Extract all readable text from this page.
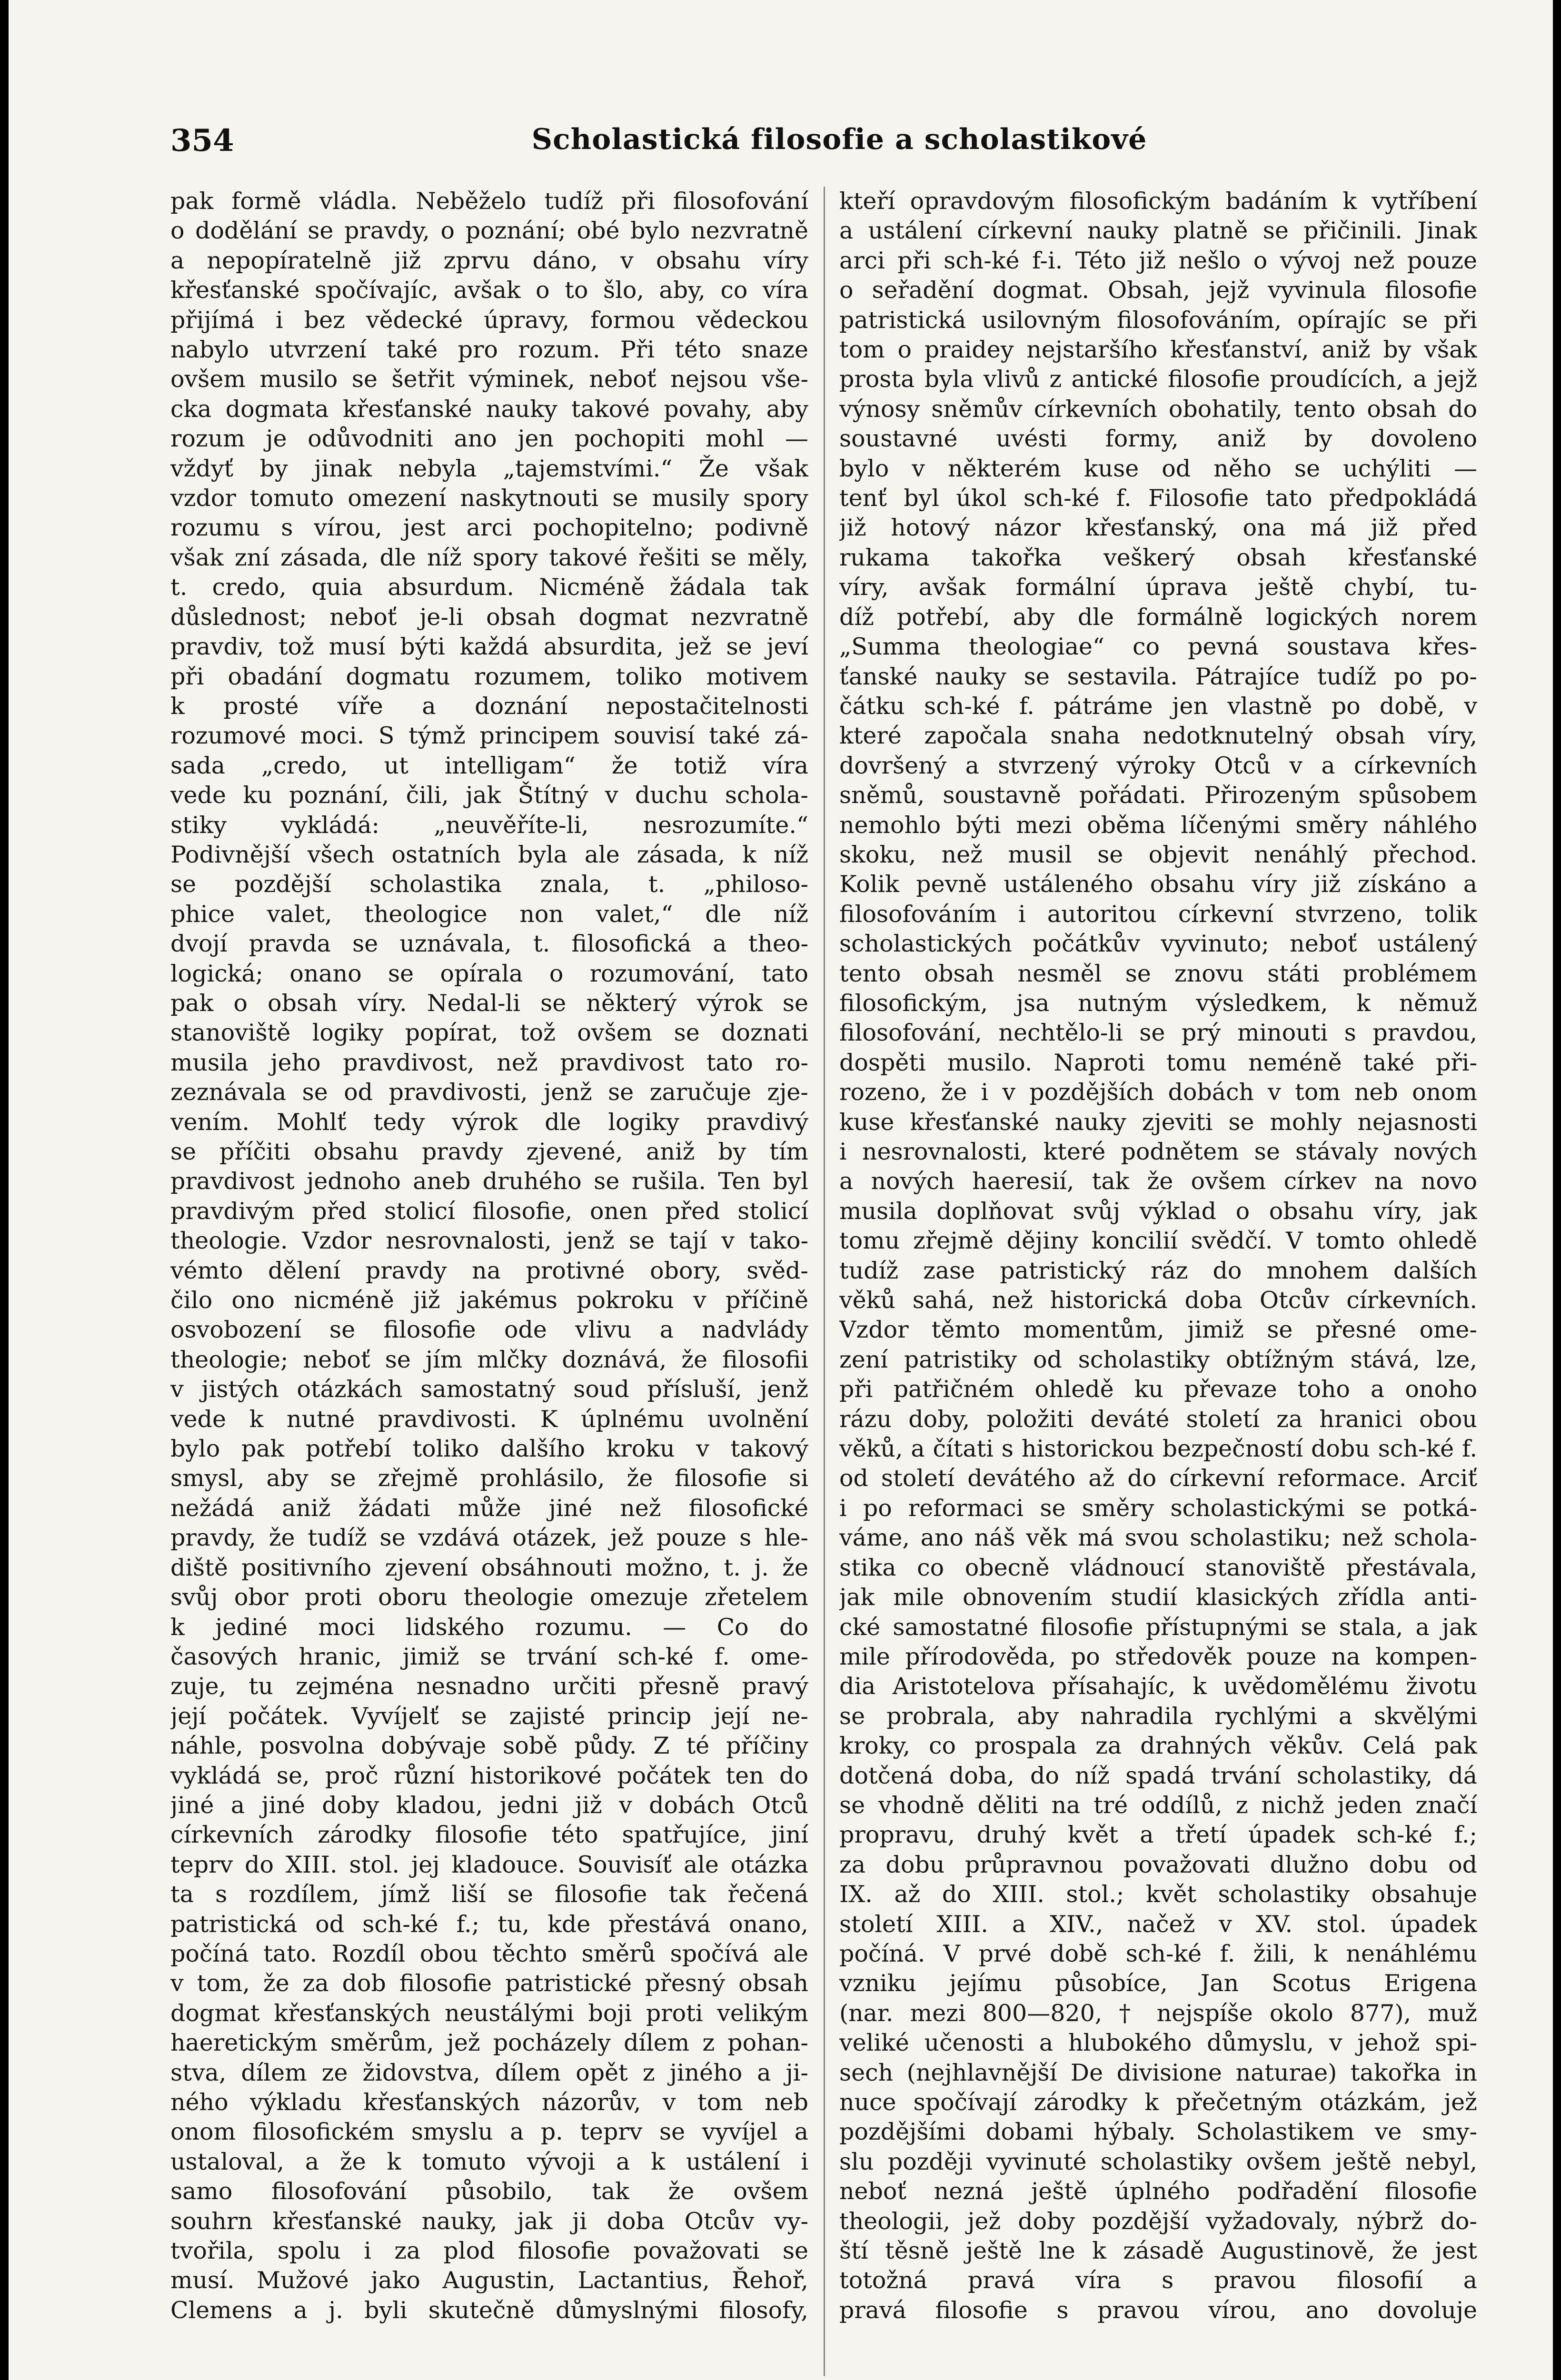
354	Scholastická filosofie a scholastikové
pak formě vládla. Neběželo tudíž při filosofování
o dodělání se pravdy, o poznání; obé bylo nezvratně
a nepopíratelně již zprvu dáno, v obsahu víry
křesťanské spočívajíc, avšak o to šlo, aby, co víra
přijímá i bez vědecké úpravy, formou vědeckou
nabylo utvrzení také pro rozum. Při této snaze
ovšem musilo se šetřit výminek, neboť nejsou vše-
cka dogmata křesťanské nauky takové povahy, aby
rozum je odůvodniti ano jen pochopiti mohl —
vždyť by jinak nebyla „tajemstvími.“ Že však
vzdor tomuto omezení naskytnouti se musily spory
rozumu s vírou, jest arci pochopitelno; podivně
však zní zásada, dle níž spory takové řešiti se měly,
t. credo, quia absurdum. Nicméně žádala tak
důslednost; neboť je-li obsah dogmat nezvratně
pravdiv, tož musí býti každá absurdita, jež se jeví
při obadání dogmatu rozumem, toliko motivem
k prosté víře a doznání nepostačitelnosti
rozumové moci. S týmž principem souvisí také zá-
sada „credo, ut intelligam“ že totiž víra
vede ku poznání, čili, jak Štítný v duchu schola-
stiky vykládá: „neuvěříte-li, nesrozumíte.“
Podivnější všech ostatních byla ale zásada, k níž
se pozdější scholastika znala, t. „philoso-
phice valet, theologice non valet,“ dle níž
dvojí pravda se uznávala, t. filosofická a theo-
logická; onano se opírala o rozumování, tato
pak o obsah víry. Nedal-li se některý výrok se
stanoviště logiky popírat, tož ovšem se doznati
musila jeho pravdivost, než pravdivost tato ro-
zeznávala se od pravdivosti, jenž se zaručuje zje-
vením. Mohlť tedy výrok dle logiky pravdivý
se příčiti obsahu pravdy zjevené, aniž by tím
pravdivost jednoho aneb druhého se rušila. Ten byl
pravdivým před stolicí filosofie, onen před stolicí
theologie. Vzdor nesrovnalosti, jenž se tají v tako-
vémto dělení pravdy na protivné obory, svěd-
čilo ono nicméně již jakémus pokroku v příčině
osvobození se filosofie ode vlivu a nadvlády
theologie; neboť se jím mlčky doznává, že filosofii
v jistých otázkách samostatný soud přísluší, jenž
vede k nutné pravdivosti. K úplnému uvolnění
bylo pak potřebí toliko dalšího kroku v takový
smysl, aby se zřejmě prohlásilo, že filosofie si
nežádá aniž žádati může jiné než filosofické
pravdy, že tudíž se vzdává otázek, jež pouze s hle-
diště positivního zjevení obsáhnouti možno, t. j. že
svůj obor proti oboru theologie omezuje zřetelem
k jediné moci lidského rozumu. — Co do
časových hranic, jimiž se trvání sch-ké f. ome-
zuje, tu zejména nesnadno určiti přesně pravý
její počátek. Vyvíjelť se zajisté princip její ne-
náhle, posvolna dobývaje sobě půdy. Z té příčiny
vykládá se, proč různí historikové počátek ten do
jiné a jiné doby kladou, jedni již v dobách Otců
církevních zárodky filosofie této spatřujíce, jiní
teprv do XIII. stol. jej kladouce. Souvisíť ale otázka
ta s rozdílem, jímž liší se filosofie tak řečená
patristická od sch-ké f.; tu, kde přestává onano,
počíná tato. Rozdíl obou těchto směrů spočívá ale
v tom, že za dob filosofie patristické přesný obsah
dogmat křesťanských neustálými boji proti velikým
haeretickým směrům, jež pocházely dílem z pohan-
stva, dílem ze židovstva, dílem opět z jiného a ji-
ného výkladu křesťanských názorův, v tom neb
onom filosofickém smyslu a p. teprv se vyvíjel a
ustaloval, a že k tomuto vývoji a k ustálení i
samo filosofování působilo, tak že ovšem
souhrn křesťanské nauky, jak ji doba Otcův vy-
tvořila, spolu i za plod filosofie považovati se
musí. Mužové jako Augustin, Lactantius, Řehoř,
Clemens a j. byli skutečně důmyslnými filosofy,
kteří opravdovým filosofickým badáním k vytříbení
a ustálení církevní nauky platně se přičinili. Jinak
arci při sch-ké f-i. Této již nešlo o vývoj než pouze
o seřadění dogmat. Obsah, jejž vyvinula filosofie
patristická usilovným filosofováním, opírajíc se při
tom o praidey nejstaršího křesťanství, aniž by však
prosta byla vlivů z antické filosofie proudících, a jejž
výnosy sněmův církevních obohatily, tento obsah do
soustavné uvésti formy, aniž by dovoleno
bylo v některém kuse od něho se uchýliti —
tenť byl úkol sch-ké f. Filosofie tato předpokládá
již hotový názor křesťanský, ona má již před
rukama takořka veškerý obsah křesťanské
víry, avšak formální úprava ještě chybí, tu-
díž potřebí, aby dle formálně logických norem
„Summa theologiae“ co pevná soustava křes-
ťanské nauky se sestavila. Pátrajíce tudíž po po-
čátku sch-ké f. pátráme jen vlastně po době, v
které započala snaha nedotknutelný obsah víry,
dovršený a stvrzený výroky Otců v a církevních
sněmů, soustavně pořádati. Přirozeným spůsobem
nemohlo býti mezi oběma líčenými směry náhlého
skoku, než musil se objevit nenáhlý přechod.
Kolik pevně ustáleného obsahu víry již získáno a
filosofováním i autoritou církevní stvrzeno, tolik
scholastických počátkův vyvinuto; neboť ustálený
tento obsah nesměl se znovu státi problémem
filosofickým, jsa nutným výsledkem, k němuž
filosofování, nechtělo-li se prý minouti s pravdou,
dospěti musilo. Naproti tomu neméně také při-
rozeno, že i v pozdějších dobách v tom neb onom
kuse křesťanské nauky zjeviti se mohly nejasnosti
i nesrovnalosti, které podnětem se stávaly nových
a nových haeresií, tak že ovšem církev na novo
musila doplňovat svůj výklad o obsahu víry, jak
tomu zřejmě dějiny koncilií svědčí. V tomto ohledě
tudíž zase patristický ráz do mnohem dalších
věků sahá, než historická doba Otcův církevních.
Vzdor těmto momentům, jimiž se přesné ome-
zení patristiky od scholastiky obtížným stává, lze,
při patřičném ohledě ku převaze toho a onoho
rázu doby, položiti deváté století za hranici obou
věků, a čítati s historickou bezpečností dobu sch-ké f.
od století devátého až do církevní reformace. Arciť
i po reformaci se směry scholastickými se potká-
váme, ano náš věk má svou scholastiku; než schola-
stika co obecně vládnoucí stanoviště přestávala,
jak mile obnovením studií klasických zřídla anti-
cké samostatné filosofie přístupnými se stala, a jak
mile přírodověda, po středověk pouze na kompen-
dia Aristotelova přísahajíc, k uvědomělému životu
se probrala, aby nahradila rychlými a skvělými
kroky, co prospala za drahných věkův. Celá pak
dotčená doba, do níž spadá trvání scholastiky, dá
se vhodně děliti na tré oddílů, z nichž jeden značí
propravu, druhý květ a třetí úpadek sch-ké f.;
za dobu průpravnou považovati dlužno dobu od
IX. až do XIII. stol.; květ scholastiky obsahuje
století XIII. a XIV., načež v XV. stol. úpadek
počíná. V prvé době sch-ké f. žili, k nenáhlému
vzniku jejímu působíce, Jan Scotus Erigena
(nar. mezi 800—820, † nejspíše okolo 877), muž
veliké učenosti a hlubokého důmyslu, v jehož spi-
sech (nejhlavnější De divisione naturae) takořka in
nuce spočívají zárodky k přečetným otázkám, jež
pozdějšími dobami hýbaly. Scholastikem ve smy-
slu později vyvinuté scholastiky ovšem ještě nebyl,
neboť nezná ještě úplného podřadění filosofie
theologii, jež doby pozdější vyžadovaly, nýbrž do-
ští těsně ještě lne k zásadě Augustinově, že jest
totožná pravá víra s pravou filosofií a
pravá filosofie s pravou vírou, ano dovoluje
